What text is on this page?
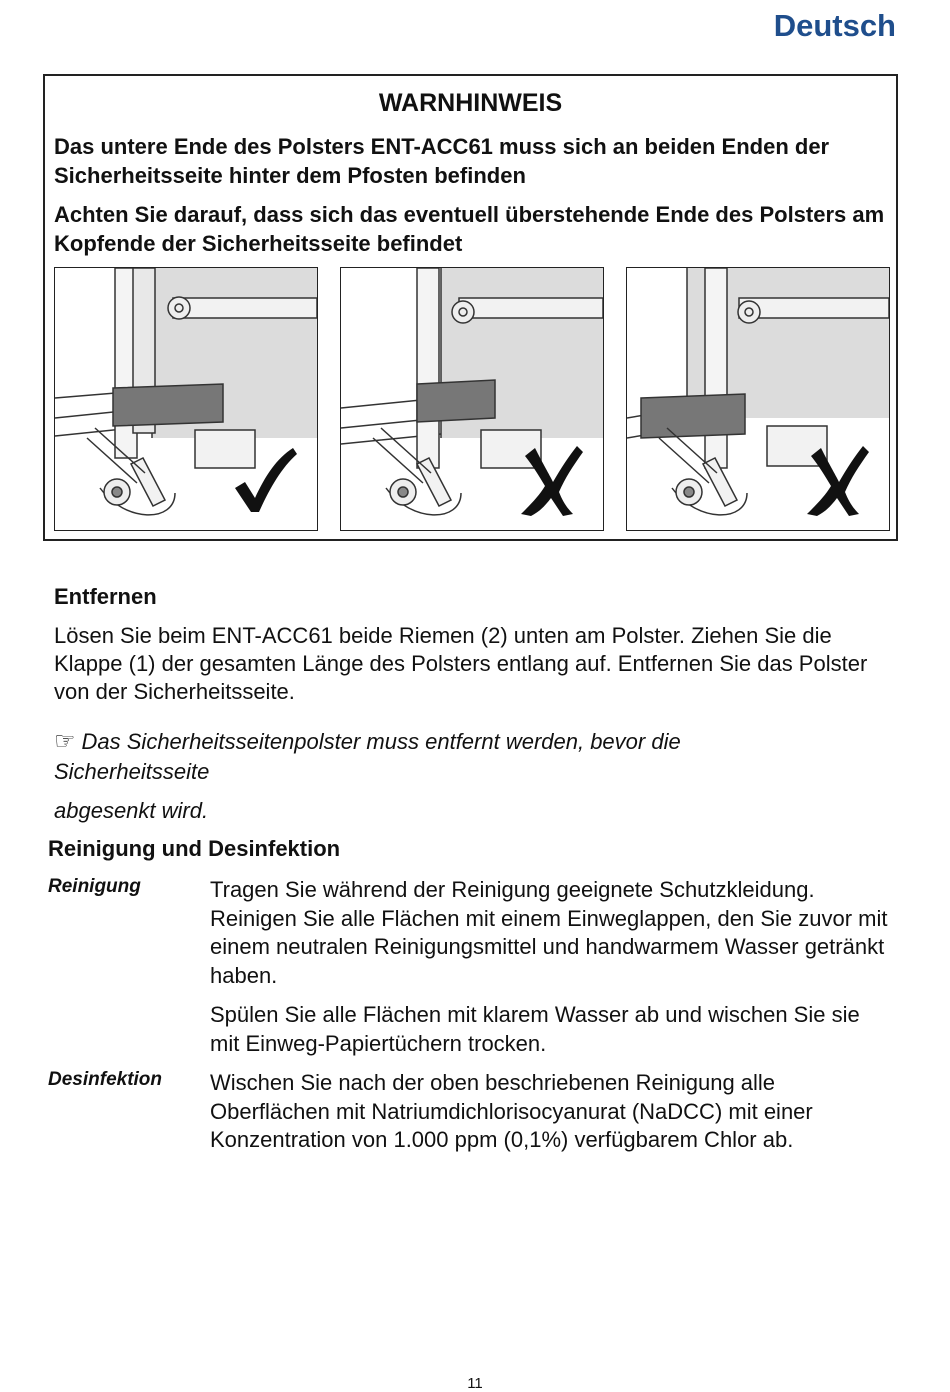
Deutsch
WARNHINWEIS
Das untere Ende des Polsters ENT-ACC61 muss sich an beiden Enden der Sicherheitsseite hinter dem Pfosten befinden
Achten Sie darauf, dass sich das eventuell überstehende Ende des Polsters am Kopfende der Sicherheitsseite befindet
Entfernen
Lösen Sie beim ENT-ACC61 beide Riemen (2) unten am Polster. Ziehen Sie die Klappe (1) der gesamten Länge des Polsters entlang auf. Entfernen Sie das Polster von der Sicherheitsseite.
☞ Das Sicherheitsseitenpolster muss entfernt werden, bevor die Sicherheitsseite
abgesenkt wird.
Reinigung und Desinfektion
Reinigung	Tragen Sie während der Reinigung geeignete Schutzkleidung. Reinigen Sie alle Flächen mit einem Einweglappen, den Sie zuvor mit einem neutralen Reinigungsmittel und handwarmem Wasser getränkt haben.
Spülen Sie alle Flächen mit klarem Wasser ab und wischen Sie sie mit Einweg-Papiertüchern trocken.
Desinfektion Wischen Sie nach der oben beschriebenen Reinigung alle Oberflächen mit Natriumdichlorisocyanurat (NaDCC) mit einer Konzentration von 1.000 ppm (0,1%) verfügbarem Chlor ab.
11
